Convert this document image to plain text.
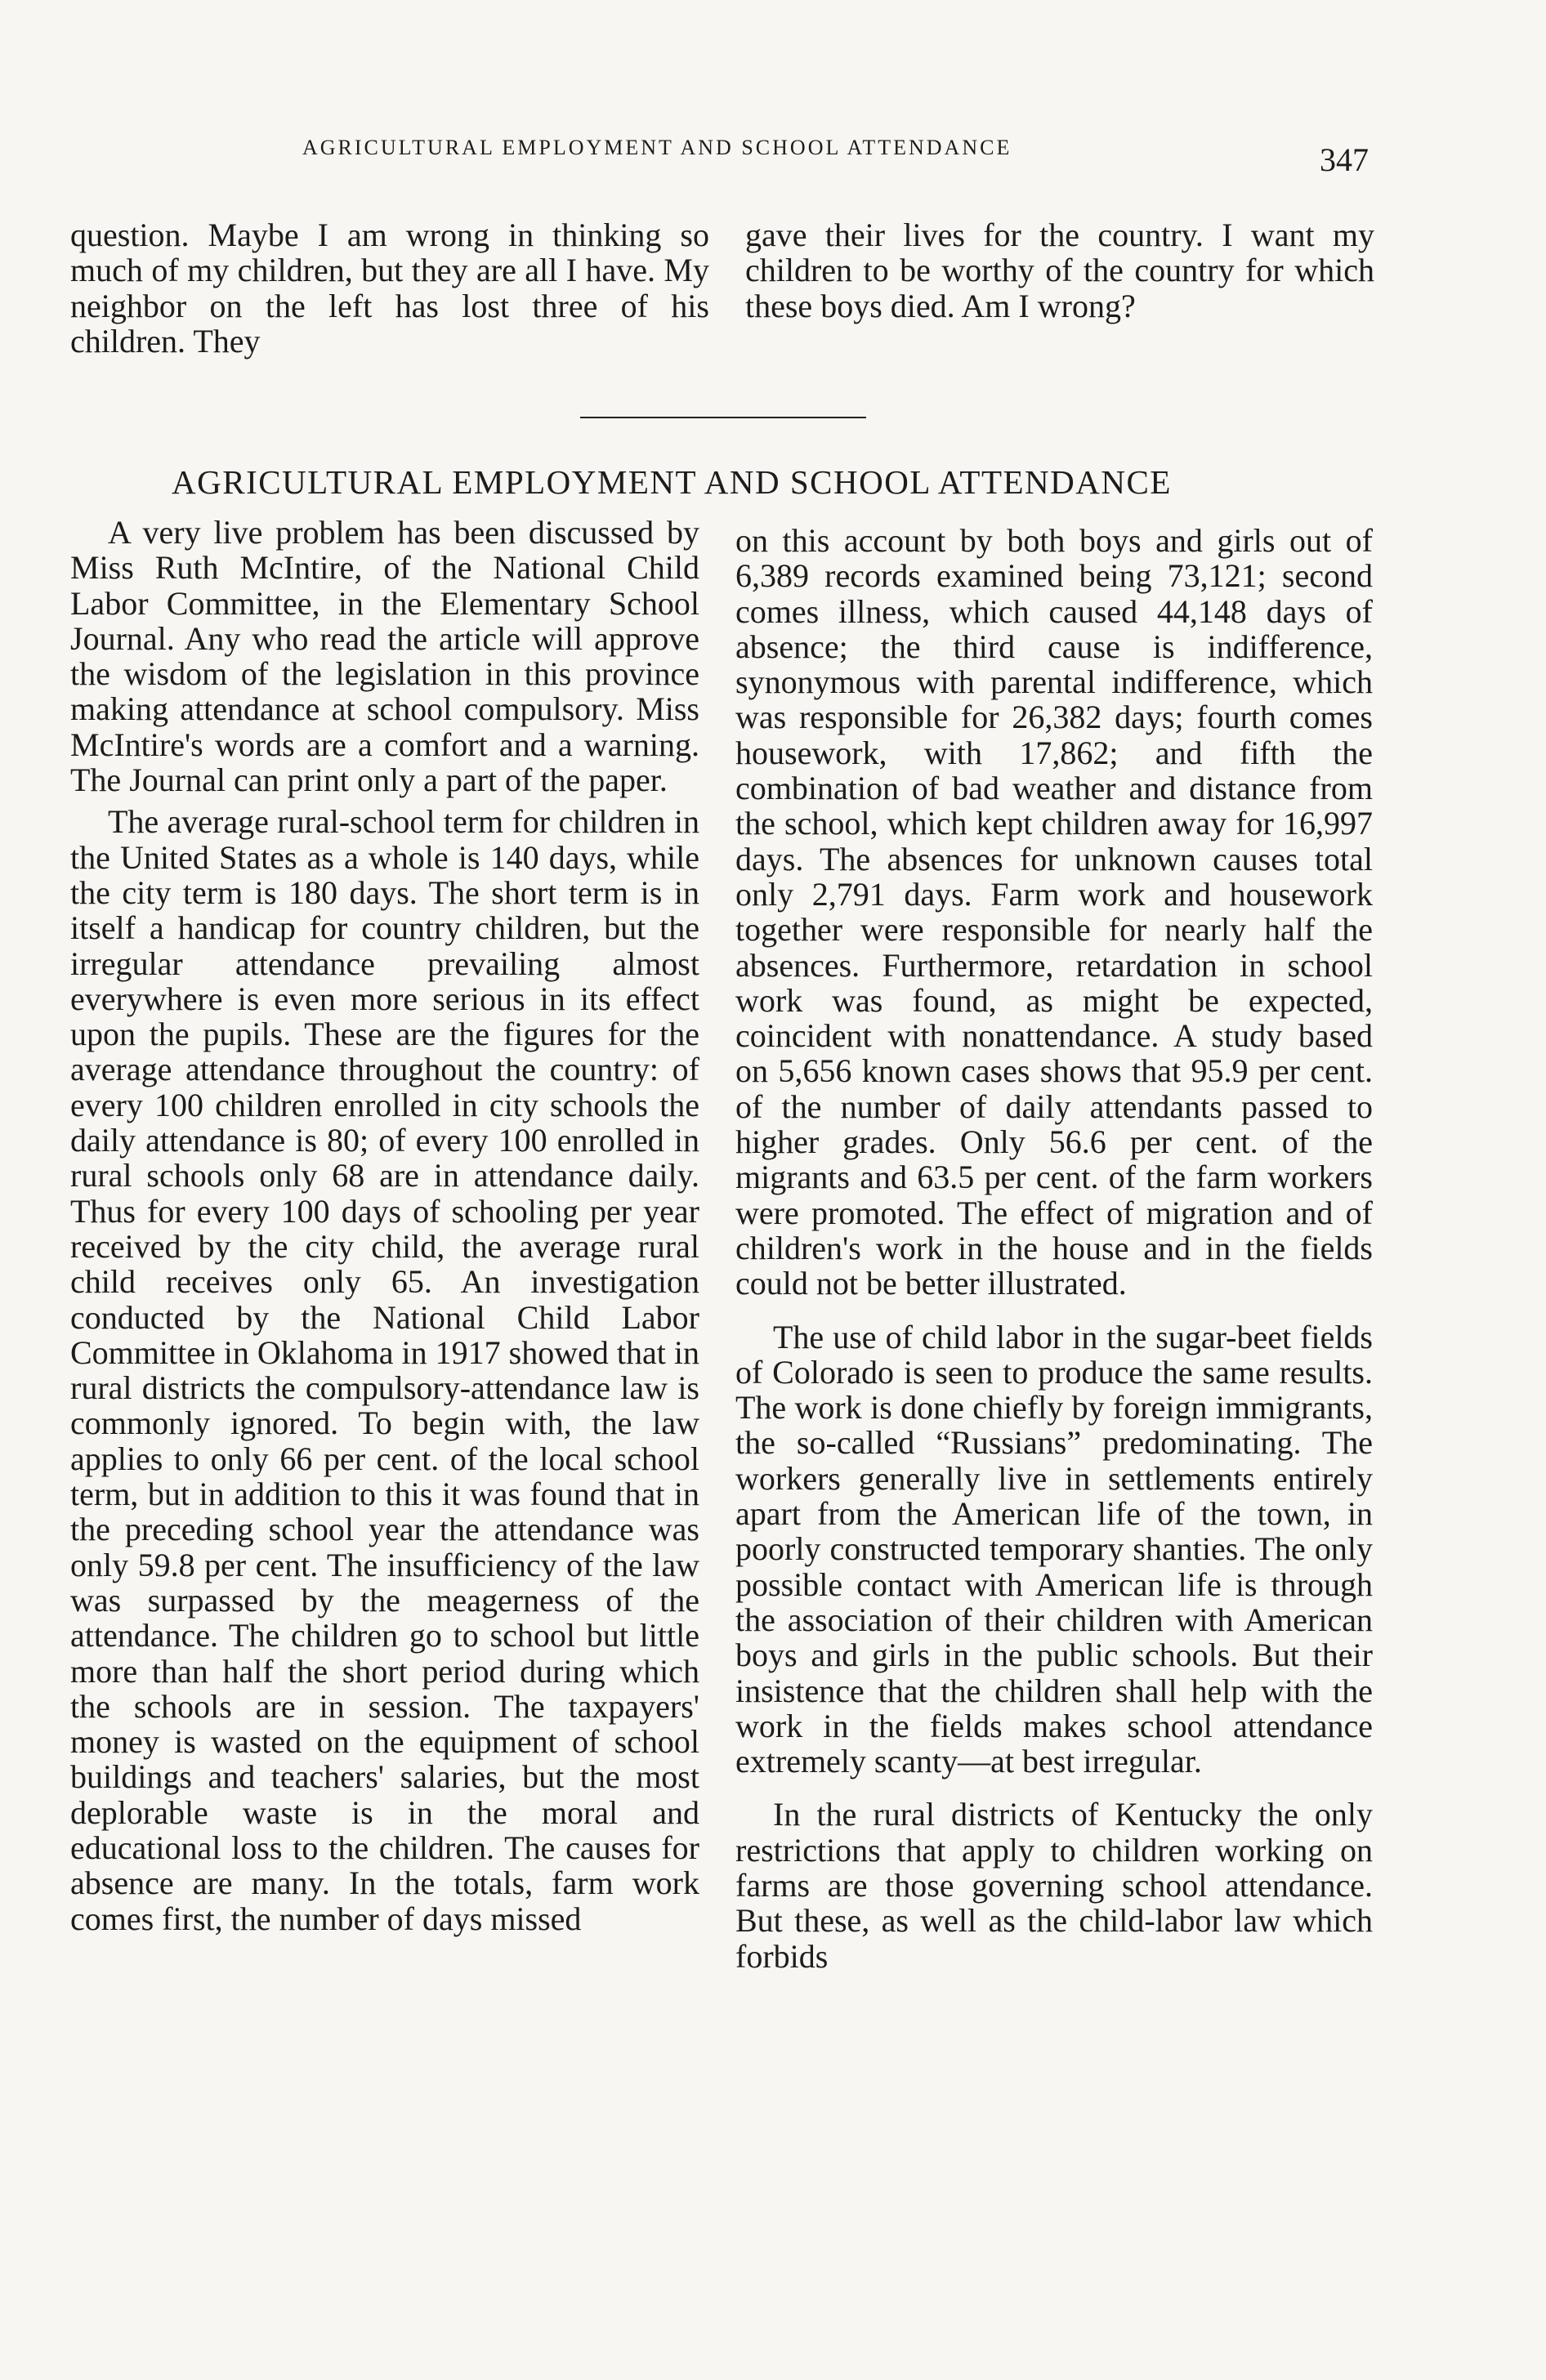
AGRICULTURAL EMPLOYMENT AND SCHOOL ATTENDANCE	347

question. Maybe I am wrong in thinking so much of my children, but they are all I have. My neighbor on the left has lost three of his children. They

gave their lives for the country. I want my children to be worthy of the country for which these boys died. Am I wrong?

AGRICULTURAL EMPLOYMENT AND SCHOOL ATTENDANCE

A very live problem has been discussed by Miss Ruth McIntire, of the National Child Labor Committee, in the Elementary School Journal. Any who read the article will approve the wisdom of the legislation in this province making attendance at school compulsory. Miss McIntire's words are a comfort and a warning. The Journal can print only a part of the paper.

The average rural-school term for children in the United States as a whole is 140 days, while the city term is 180 days. The short term is in itself a handicap for country children, but the irregular attendance prevailing almost everywhere is even more serious in its effect upon the pupils. These are the figures for the average attendance throughout the country: of every 100 children enrolled in city schools the daily attendance is 80; of every 100 enrolled in rural schools only 68 are in attendance daily. Thus for every 100 days of schooling per year received by the city child, the average rural child receives only 65. An investigation conducted by the National Child Labor Committee in Oklahoma in 1917 showed that in rural districts the compulsory-attendance law is commonly ignored. To begin with, the law applies to only 66 per cent. of the local school term, but in addition to this it was found that in the preceding school year the attendance was only 59.8 per cent. The insufficiency of the law was surpassed by the meagerness of the attendance. The children go to school but little more than half the short period during which the schools are in session. The taxpayers' money is wasted on the equipment of school buildings and teachers' salaries, but the most deplorable waste is in the moral and educational loss to the children. The causes for absence are many. In the totals, farm work comes first, the number of days missed

on this account by both boys and girls out of 6,389 records examined being 73,121; second comes illness, which caused 44,148 days of absence; the third cause is indifference, synonymous with parental indifference, which was responsible for 26,382 days; fourth comes housework, with 17,862; and fifth the combination of bad weather and distance from the school, which kept children away for 16,997 days. The absences for unknown causes total only 2,791 days. Farm work and housework together were responsible for nearly half the absences. Furthermore, retardation in school work was found, as might be expected, coincident with nonattendance. A study based on 5,656 known cases shows that 95.9 per cent. of the number of daily attendants passed to higher grades. Only 56.6 per cent. of the migrants and 63.5 per cent. of the farm workers were promoted. The effect of migration and of children's work in the house and in the fields could not be better illustrated.

The use of child labor in the sugar-beet fields of Colorado is seen to produce the same results. The work is done chiefly by foreign immigrants, the so-called “Russians” predominating. The workers generally live in settlements entirely apart from the American life of the town, in poorly constructed temporary shanties. The only possible contact with American life is through the association of their children with American boys and girls in the public schools. But their insistence that the children shall help with the work in the fields makes school attendance extremely scanty—at best irregular.

In the rural districts of Kentucky the only restrictions that apply to children working on farms are those governing school attendance. But these, as well as the child-labor law which forbids
